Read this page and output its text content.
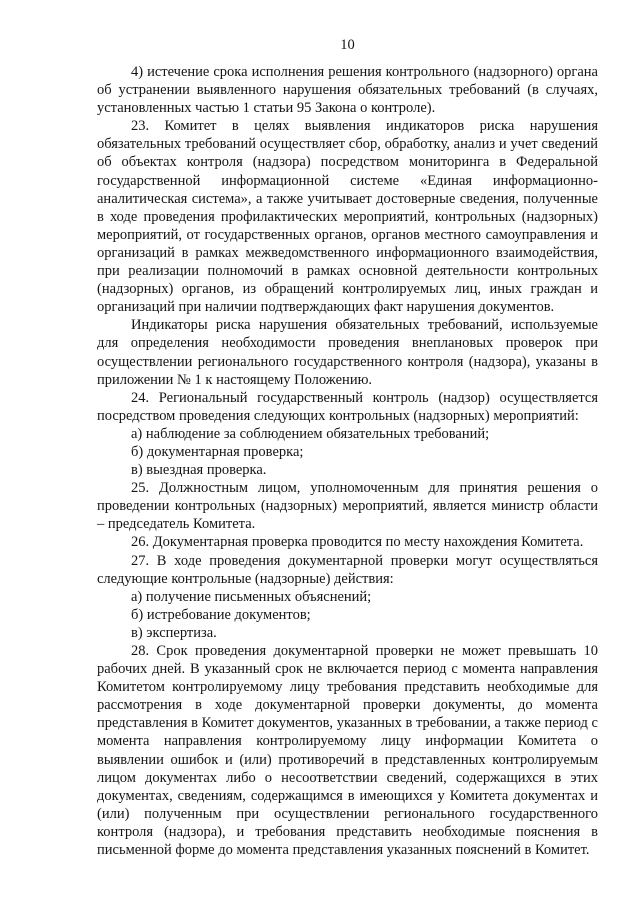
10

4) истечение срока исполнения решения контрольного (надзорного) органа об устранении выявленного нарушения обязательных требований (в случаях, установленных частью 1 статьи 95 Закона о контроле).

23. Комитет в целях выявления индикаторов риска нарушения обязательных требований осуществляет сбор, обработку, анализ и учет сведений об объектах контроля (надзора) посредством мониторинга в Федеральной государственной информационной системе «Единая информационно-аналитическая система», а также учитывает достоверные сведения, полученные в ходе проведения профилактических мероприятий, контрольных (надзорных) мероприятий, от государственных органов, органов местного самоуправления и организаций в рамках межведомственного информационного взаимодействия, при реализации полномочий в рамках основной деятельности контрольных (надзорных) органов, из обращений контролируемых лиц, иных граждан и организаций при наличии подтверждающих факт нарушения документов.

Индикаторы риска нарушения обязательных требований, используемые для определения необходимости проведения внеплановых проверок при осуществлении регионального государственного контроля (надзора), указаны в приложении № 1 к настоящему Положению.

24. Региональный государственный контроль (надзор) осуществляется посредством проведения следующих контрольных (надзорных) мероприятий:

а) наблюдение за соблюдением обязательных требований;

б) документарная проверка;

в) выездная проверка.

25. Должностным лицом, уполномоченным для принятия решения о проведении контрольных (надзорных) мероприятий, является министр области – председатель Комитета.

26. Документарная проверка проводится по месту нахождения Комитета.

27. В ходе проведения документарной проверки могут осуществляться следующие контрольные (надзорные) действия:

а) получение письменных объяснений;

б) истребование документов;

в) экспертиза.

28. Срок проведения документарной проверки не может превышать 10 рабочих дней. В указанный срок не включается период с момента направления Комитетом контролируемому лицу требования представить необходимые для рассмотрения в ходе документарной проверки документы, до момента представления в Комитет документов, указанных в требовании, а также период с момента направления контролируемому лицу информации Комитета о выявлении ошибок и (или) противоречий в представленных контролируемым лицом документах либо о несоответствии сведений, содержащихся в этих документах, сведениям, содержащимся в имеющихся у Комитета документах и (или) полученным при осуществлении регионального государственного контроля (надзора), и требования представить необходимые пояснения в письменной форме до момента представления указанных пояснений в Комитет.
